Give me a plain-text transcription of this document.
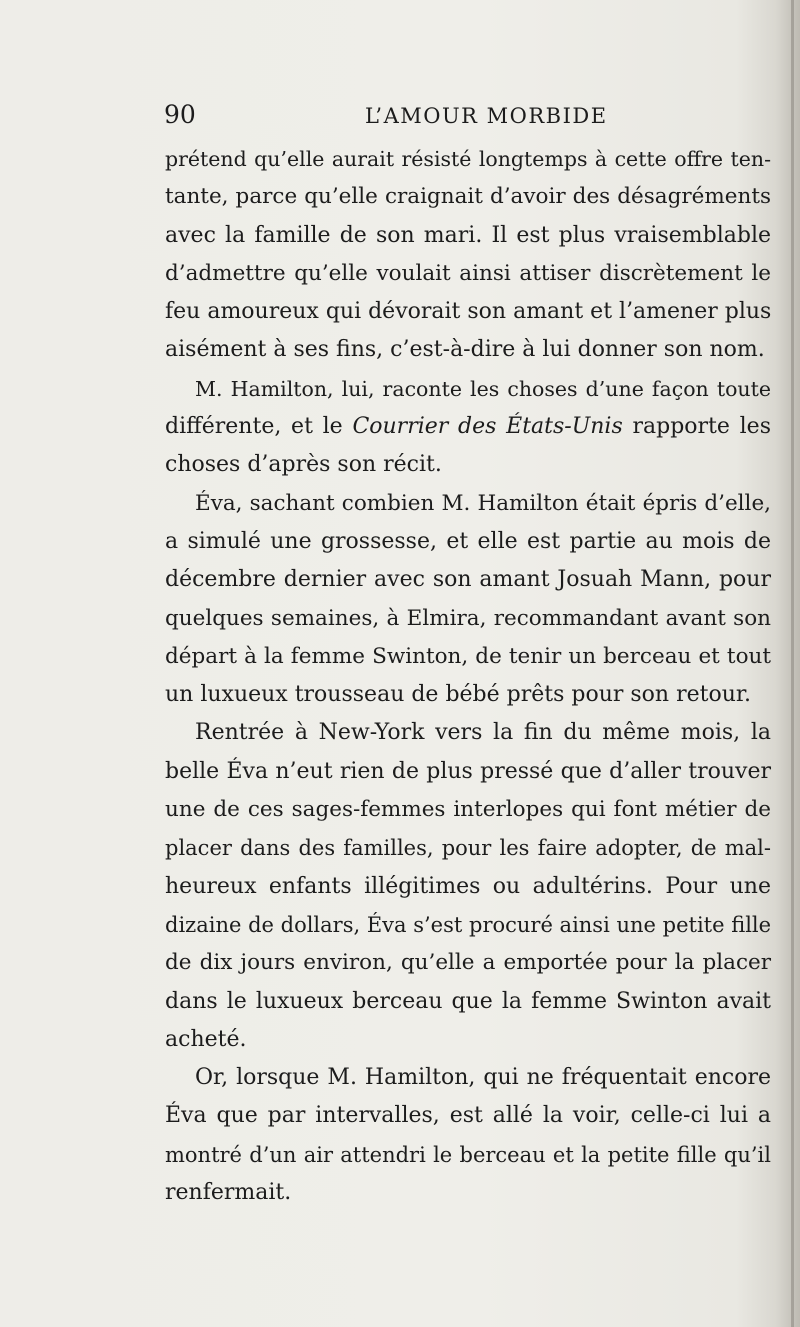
90	L’AMOUR MORBIDE
prétend qu’elle aurait résisté longtemps à cette offre ten-
tante, parce qu’elle craignait d’avoir des désagréments
avec la famille de son mari. Il est plus vraisemblable
d’admettre qu’elle voulait ainsi attiser discrètement le
feu amoureux qui dévorait son amant et l’amener plus
aisément à ses fins, c’est-à-dire à lui donner son nom.
M. Hamilton, lui, raconte les choses d’une façon toute
différente, et le Courrier des États-Unis rapporte les
choses d’après son récit.
Éva, sachant combien M. Hamilton était épris d’elle,
a simulé une grossesse, et elle est partie au mois de
décembre dernier avec son amant Josuah Mann, pour
quelques semaines, à Elmira, recommandant avant son
départ à la femme Swinton, de tenir un berceau et tout
un luxueux trousseau de bébé prêts pour son retour.
Rentrée à New-York vers la fin du même mois, la
belle Éva n’eut rien de plus pressé que d’aller trouver
une de ces sages-femmes interlopes qui font métier de
placer dans des familles, pour les faire adopter, de mal-
heureux enfants illégitimes ou adultérins. Pour une
dizaine de dollars, Éva s’est procuré ainsi une petite fille
de dix jours environ, qu’elle a emportée pour la placer
dans le luxueux berceau que la femme Swinton avait
acheté.
Or, lorsque M. Hamilton, qui ne fréquentait encore
Éva que par intervalles, est allé la voir, celle-ci lui a
montré d’un air attendri le berceau et la petite fille qu’il
renfermait.
